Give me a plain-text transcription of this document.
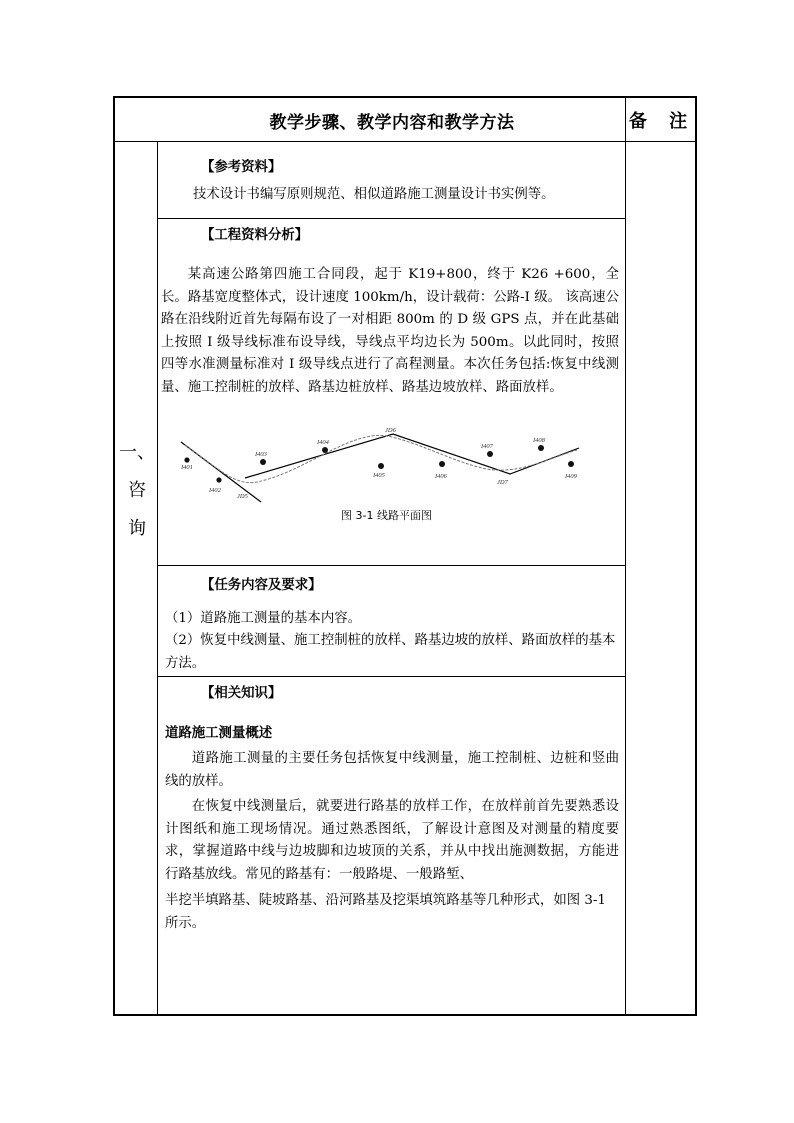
教学步骤、教学内容和教学方法	备 注
一、
咨
询
【参考资料】
技术设计书编写原则规范、相似道路施工测量设计书实例等。
【工程资料分析】
某高速公路第四施工合同段，起于 K19+800，终于 K26 +600，全长。路基宽度整体式，设计速度 100km/h，设计载荷：公路-I 级。 该高速公路在沿线附近首先每隔布设了一对相距 800m 的 D 级 GPS 点，并在此基础上按照 I 级导线标准布设导线，导线点平均边长为 500m。以此同时，按照四等水准测量标准对 I 级导线点进行了高程测量。本次任务包括:恢复中线测量、施工控制桩的放样、路基边桩放样、路基边坡放样、路面放样。
I401
I402
I403
JD5
I404
JD6
I405	I406
I407
JD7
I408
I409
图 3-1 线路平面图
【任务内容及要求】
（1）道路施工测量的基本内容。
（2）恢复中线测量、施工控制桩的放样、路基边坡的放样、路面放样的基本方法。
【相关知识】
道路施工测量概述
道路施工测量的主要任务包括恢复中线测量，施工控制桩、边桩和竖曲线的放样。
在恢复中线测量后，就要进行路基的放样工作，在放样前首先要熟悉设计图纸和施工现场情况。通过熟悉图纸，了解设计意图及对测量的精度要求，掌握道路中线与边坡脚和边坡顶的关系，并从中找出施测数据，方能进行路基放线。常见的路基有：一般路堤、一般路堑、
半挖半填路基、陡坡路基、沿河路基及挖渠填筑路基等几种形式，如图 3-1所示。
